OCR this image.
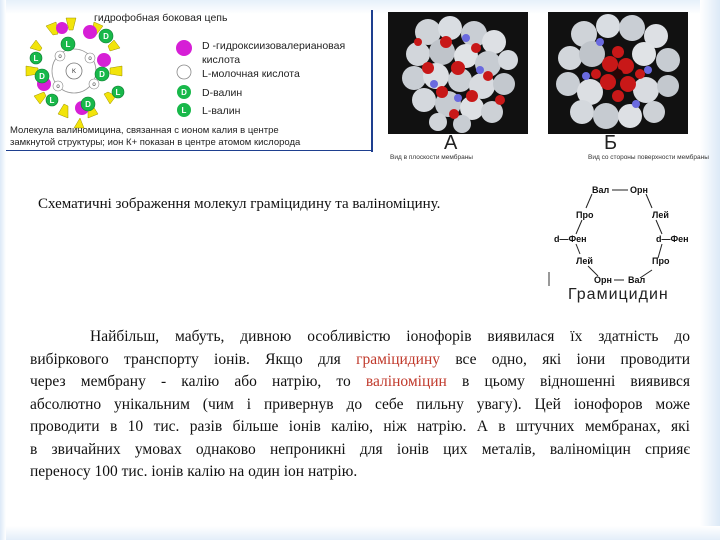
L
D
D
L
D
D
L
L
K
o	o
o
o
D
L
гидрофобная боковая цепь
D -гидроксиизовалериановая
кислота
L-молочная кислота
D-валин
L-валин
Молекула валиномицина, связанная с ионом калия в центре
замкнутой структуры; ион К+ показан в центре атомом кислорода	А
Вид в плоскости мембраны
Б
Вид со стороны поверхности мембраны
Схематичні зображення молекул граміцидину та валіноміцину.
Вал Орн
Про	Лей
d—Фен	d—Фен
Лей	Про
Орн Вал
Грамицидин
Найбільш, мабуть, дивною особливістю іонофорів виявилася їх здатність до
вибіркового транспорту іонів. Якщо для граміцидину все одно, які іони проводити
через мембрану - калію або натрію, то валіноміцин в цьому відношенні виявився
абсолютно унікальним (чим і привернув до себе пильну увагу). Цей іонофоров може
проводити в 10 тис. разів більше іонів калію, ніж натрію. А в штучних мембранах, які
в звичайних умовах однаково непроникні для іонів цих металів, валіноміцин сприяє
переносу 100 тис. іонів калію на один іон натрію.
